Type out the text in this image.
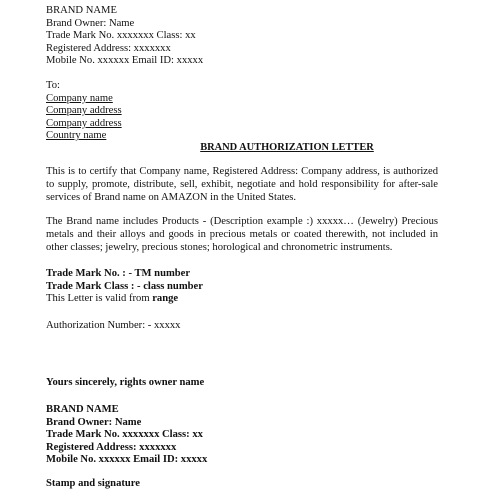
BRAND NAME
Brand Owner: Name
Trade Mark No. xxxxxxx Class: xx
Registered Address: xxxxxxx
Mobile No. xxxxxx Email ID: xxxxx
To:
Company name
Company address
Company address
Country name
BRAND AUTHORIZATION LETTER
This is to certify that Company name, Registered Address: Company address, is authorized to supply, promote, distribute, sell, exhibit, negotiate and hold responsibility for after-sale services of Brand name on AMAZON in the United States.
The Brand name includes Products - (Description example :) xxxxx… (Jewelry) Precious metals and their alloys and goods in precious metals or coated therewith, not included in other classes; jewelry, precious stones; horological and chronometric instruments.
Trade Mark No. : - TM number
Trade Mark Class : - class number
This Letter is valid from range
Authorization Number: - xxxxx
Yours sincerely, rights owner name
BRAND NAME
Brand Owner: Name
Trade Mark No. xxxxxxx Class: xx
Registered Address: xxxxxxx
Mobile No. xxxxxx Email ID: xxxxx
Stamp and signature
